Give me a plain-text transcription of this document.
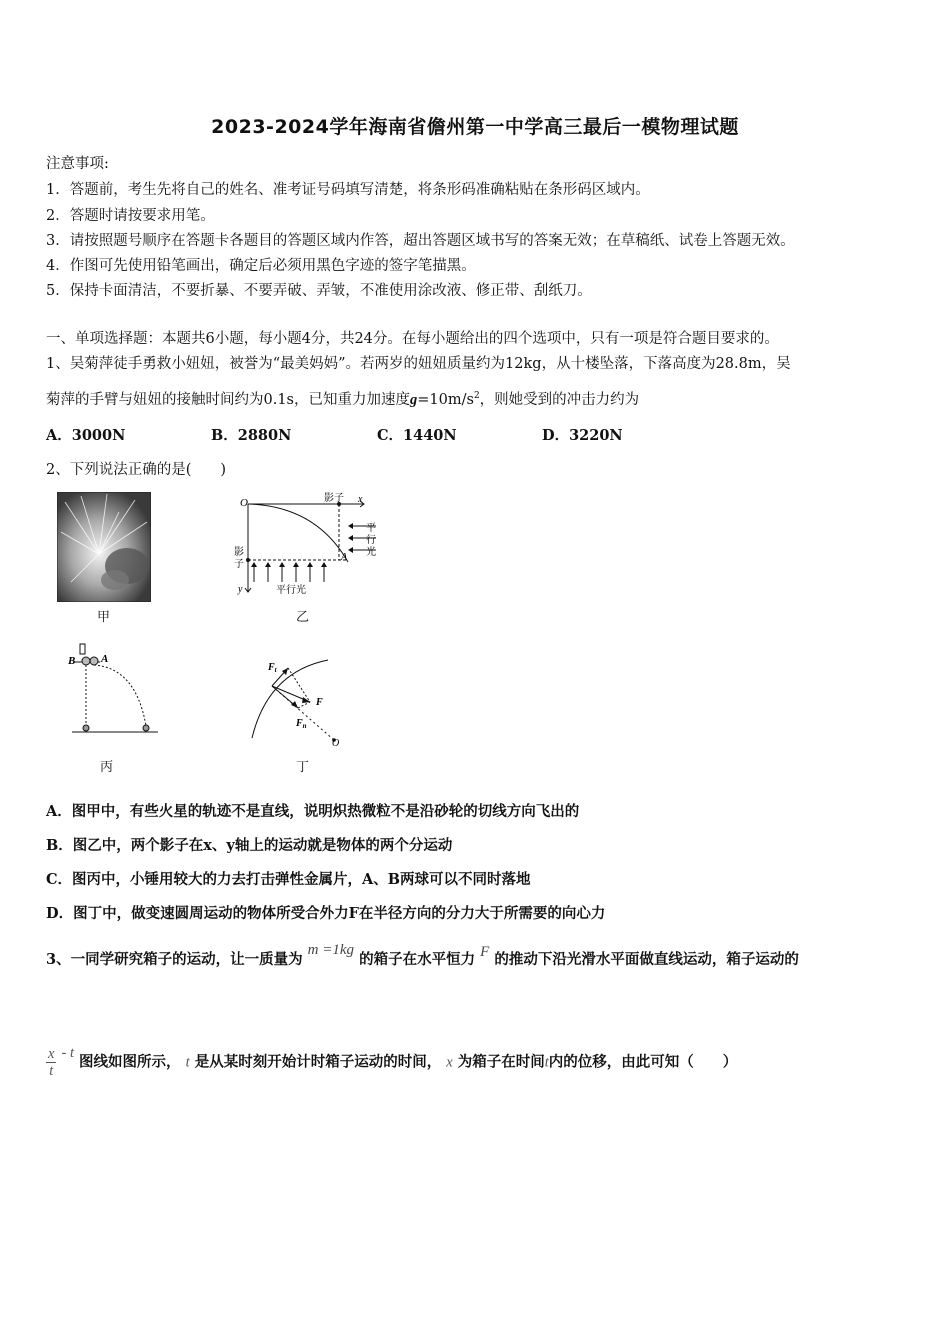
2023-2024学年海南省儋州第一中学高三最后一模物理试题
注意事项:
1．答题前，考生先将自己的姓名、准考证号码填写清楚，将条形码准确粘贴在条形码区域内。
2．答题时请按要求用笔。
3．请按照题号顺序在答题卡各题目的答题区域内作答，超出答题区域书写的答案无效；在草稿纸、试卷上答题无效。
4．作图可先使用铅笔画出，确定后必须用黑色字迹的签字笔描黑。
5．保持卡面清洁，不要折暴、不要弄破、弄皱，不准使用涂改液、修正带、刮纸刀。
一、单项选择题：本题共6小题，每小题4分，共24分。在每小题给出的四个选项中，只有一项是符合题目要求的。
1、吴菊萍徒手勇救小妞妞，被誉为“最美妈妈”。若两岁的妞妞质量约为12kg，从十楼坠落，下落高度为28.8m，吴
菊萍的手臂与妞妞的接触时间约为0.1s，已知重力加速度$g=10m/s^2$，则她受到的冲击力约为
A．3000N	B．2880N	C．1440N	D．3220N
2、下列说法正确的是(　　)
甲
O	影子 x
平
行
光
A
影
子
平行光
y
乙
B A
丙
$F_t$
F
$F_n$
O
丁
A．图甲中，有些火星的轨迹不是直线，说明炽热微粒不是沿砂轮的切线方向飞出的
B．图乙中，两个影子在x、y轴上的运动就是物体的两个分运动
C．图丙中，小锤用较大的力去打击弹性金属片，A、B两球可以不同时落地
D．图丁中，做变速圆周运动的物体所受合外力F在半径方向的分力大于所需要的向心力
3、一同学研究箱子的运动，让一质量为 m =1kg 的箱子在水平恒力 F 的推动下沿光滑水平面做直线运动，箱子运动的
$\frac{x}{t}$ - t 图线如图所示， t 是从某时刻开始计时箱子运动的时间， x 为箱子在时间t内的位移，由此可知（　　）
